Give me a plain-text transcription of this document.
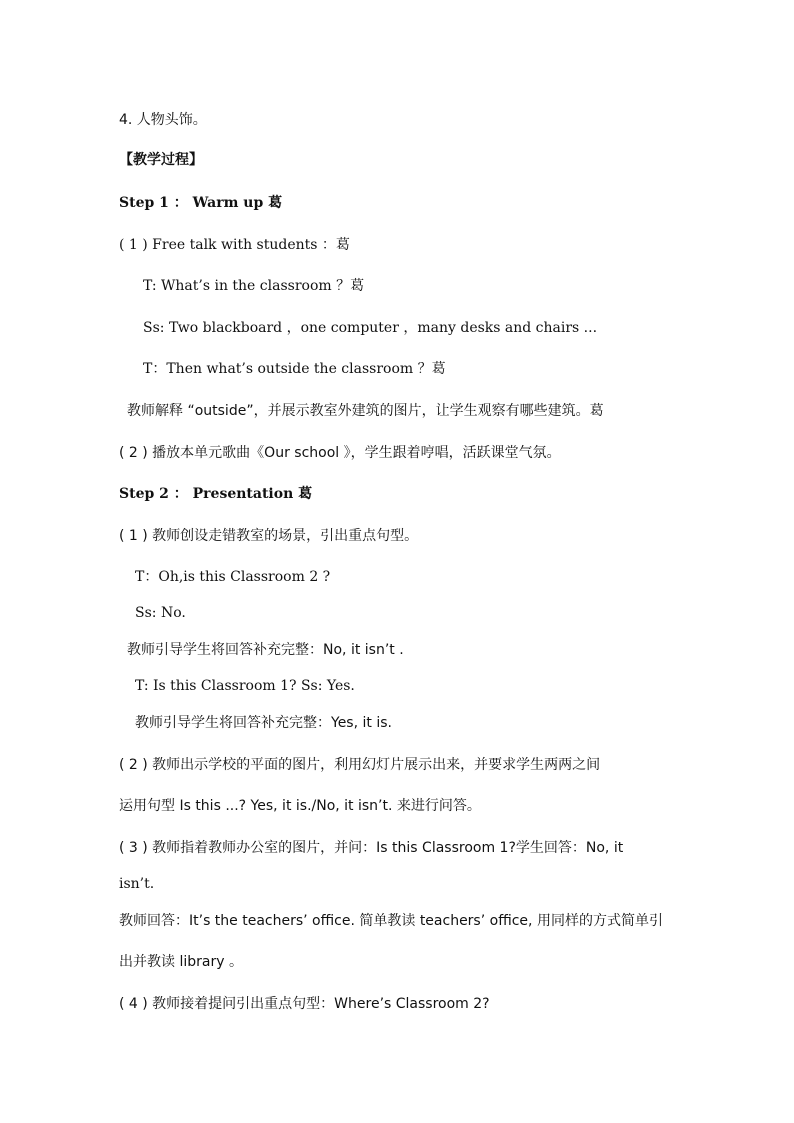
4. 人物头饰。
【教学过程】
Step 1 ： Warm up 葛
( 1 ) Free talk with students ：葛
T: What’s in the classroom ？葛
Ss: Two blackboard ，one computer ，many desks and chairs ...
T：Then what’s outside the classroom ？葛
教师解释 “outside”，并展示教室外建筑的图片，让学生观察有哪些建筑。葛
( 2 ) 播放本单元歌曲《Our school 》，学生跟着哼唱，活跃课堂气氛。
Step 2 ： Presentation 葛
( 1 ) 教师创设走错教室的场景，引出重点句型。
T：Oh,is this Classroom 2 ?
Ss: No.
教师引导学生将回答补充完整：No, it isn’t .
T: Is this Classroom 1? Ss: Yes.
教师引导学生将回答补充完整：Yes, it is.
( 2 ) 教师出示学校的平面的图片，利用幻灯片展示出来，并要求学生两两之间
运用句型 Is this ...? Yes, it is./No, it isn’t. 来进行问答。
( 3 ) 教师指着教师办公室的图片，并问：Is this Classroom 1?学生回答：No, it
isn’t.
教师回答：It’s the teachers’ office. 简单教读 teachers’ office, 用同样的方式简单引
出并教读 library 。
( 4 ) 教师接着提问引出重点句型：Where’s Classroom 2?
